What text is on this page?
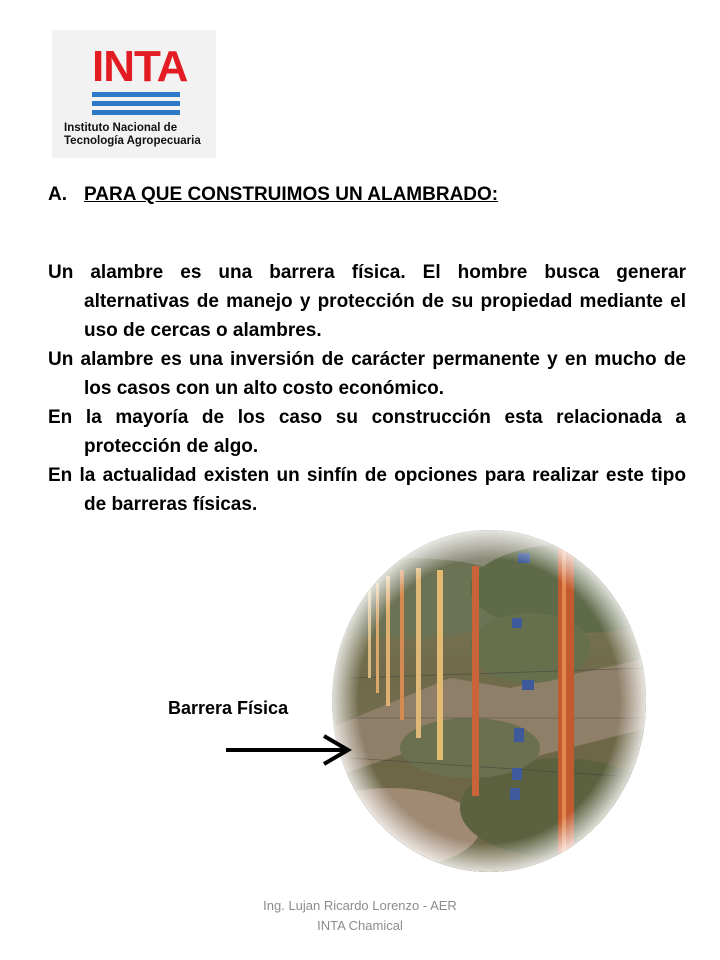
INTA
Instituto Nacional de
Tecnología Agropecuaria
A. PARA QUE CONSTRUIMOS UN ALAMBRADO:

Un alambre es una barrera física. El hombre busca generar alternativas de manejo y protección de su propiedad mediante el uso de cercas o alambres.

Un alambre es una inversión de carácter permanente y en mucho de los casos con un alto costo económico.

En la mayoría de los caso su construcción esta relacionada a protección de algo.

En la actualidad existen un sinfín de opciones para realizar este tipo de barreras físicas.

Barrera Física
Ing. Lujan Ricardo Lorenzo - AER
INTA Chamical
